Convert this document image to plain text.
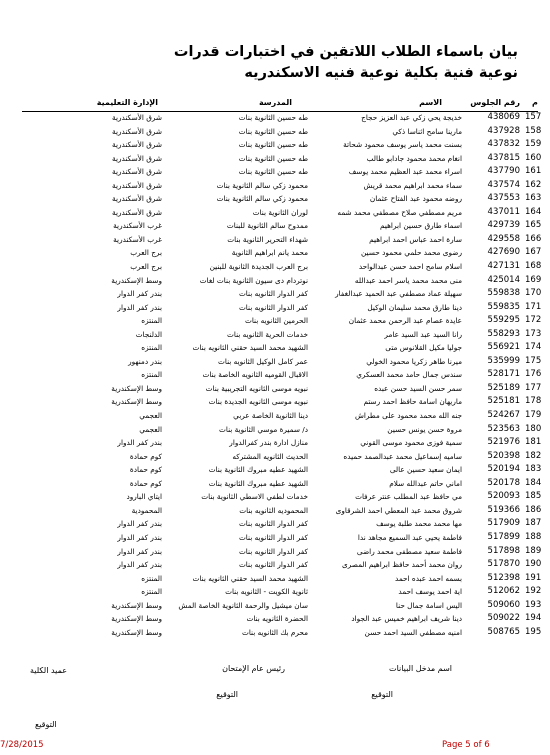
بيان باسماء الطلاب اللاتقين في اختبارات قدرات
نوعية فنية بكلية نوعية فنيه الاسكندريه
م
رقم الجلوس
الاسم
المدرسة
الإدارة التعليمية
157
438069
خديجة يحي زكي عبد العزيز حجاج
طه حسين الثانوية بنات
شرق الأسكندرية
158
437928
مارينا سامح اثناسا ذكي
طه حسين الثانوية بنات
شرق الأسكندرية
159
437832
بسنت محمد ياسر يوسف محمود شحاتة
طه حسين الثانوية بنات
شرق الأسكندرية
160
437815
انغام محمد محمود جادابو طالب
طه حسين الثانوية بنات
شرق الأسكندرية
161
437790
اسراء محمد عبد العظيم محمد يوسف
طه حسين الثانوية بنات
شرق الأسكندرية
162
437574
سماء محمد ابراهيم محمد قريش
محمود زكي سالم الثانوية بنات
شرق الأسكندرية
163
437553
روضه محمود عبد الفتاح عثمان
محمود زكي سالم الثانوية بنات
شرق الأسكندرية
164
437011
مريم مصطفي صلاح مصطفي محمد شمه
لوران الثانوية بنات
شرق الأسكندرية
165
429739
اسماء طارق حسين ابراهيم
ممدوح سالم الثانوية للبنات
غرب الأسكندرية
166
429558
سارة احمد عباس احمد ابراهيم
شهداء التحرير الثانوية بنات
غرب الأسكندرية
167
427690
رضوى محمد حلمي محمود حسين
محمد يانم ابراهيم الثانوية
برج العرب
168
427131
اسلام سامح احمد حسن عبدالواحد
برج العرب الجديدة الثانوية للبنين
برج العرب
169
425014
منى محمد محمد ياسر احمد عبدالله
نوتردام دى سيون الثانوية بنات لغات
وسط الإسكندرية
170
559838
سهيلة عماد مصطفي عبد الحميد عبدالغفار
كفر الدوار الثانويه بنات
بندر كفر الدوار
171
559835
دينا طارق محمد سليمان الوكيل
كفر الدوار الثانويه بنات
بندر كفر الدوار
172
559295
عايدة عصام عبد الرحمن محمد عثمان
الحرمين الثانويه بنات
المنتزه
173
558293
رانا السيد عبد السيد عامر
خدمات الحرية الثانويه بنات
الدلنجات
174
556921
جوليا مكيل القلانوس متى
الشهيد محمد السيد حقني الثانويه بنات
المنتزه
175
535999
ميرنا طاهر زكريا محمود الخولي
عمر كامل الوكيل الثانويه بنات
بندر دمنهور
176
528171
سندس جمال حامد محمد العسكري
الاقبال القوميه الثانويه الخاصة بنات
المنتزه
177
525189
سمر حسن السيد حسن عبده
نبويه موسى الثانويه التجريبية بنات
وسط الإسكندرية
178
525181
ماريهان اسامة حافظ احمد رستم
نبويه موسى الثانويه الجديدة بنات
وسط الإسكندرية
179
524267
جنه الله محمد محمود على مطراش
دينا الثانوية الخاصة عربي
العجمي
180
523563
مروة حسن يونس حسين
د/ سميرة موسي الثانوية بنات
العجمي
181
521976
سمية فوزى محمود موسى القوني
منازل ادارة بندر كفرالدوار
بندر كفر الدوار
182
520398
ساميه إسماعيل محمد عبدالصمد حميده
الحديث الثانويه المشتركه
كوم حمادة
183
520194
ايمان سعيد حسين عالى
الشهيد عطيه مبروك الثانوية بنات
كوم حمادة
184
520178
اماني حاتم عبدالله سلام
الشهيد عطيه مبروك الثانوية بنات
كوم حمادة
185
520093
مي حافظ عبد المطلب عنتر عرفات
خدمات لطفي الاسطي الثانوية بنات
ايتاي البارود
186
519366
شروق محمد عبد المعطي احمد الشرقاوى
المحموديه الثانويه بنات
المحمودية
187
517909
مها محمد محمد طلبة يوسف
كفر الدوار الثانويه بنات
بندر كفر الدوار
188
517899
فاطمة يحيي عبد السميع مجاهد ندا
كفر الدوار الثانويه بنات
بندر كفر الدوار
189
517898
فاطمة سعيد مصطفى محمد راضى
كفر الدوار الثانويه بنات
بندر كفر الدوار
190
517870
روان محمد أحمد حافظ ابراهيم المصرى
كفر الدوار الثانويه بنات
بندر كفر الدوار
191
512398
بسمه احمد عبده احمد
الشهيد محمد السيد حقني الثانويه بنات
المنتزه
192
512062
اية احمد يوسف احمد
ثانوية الكويت - الثانويه بنات
المنتزه
193
509060
اليس اسامة جمال حنا
سان ميشيل والرحمة الثانوية الخاصة المش
وسط الإسكندرية
194
509022
دينا شريف ابراهيم خميس عبد الجواد
الحضرة الثانويه بنات
وسط الإسكندرية
195
508765
امنيه مصطفي السيد احمد حسن
محرم بك الثانويه بنات
وسط الإسكندرية
اسم مدخل البيانات
رئيس عام الإمتحان
عميد الكلية
التوقيع
التوقيع
التوقيع
7/28/2015	Page 5 of 6
